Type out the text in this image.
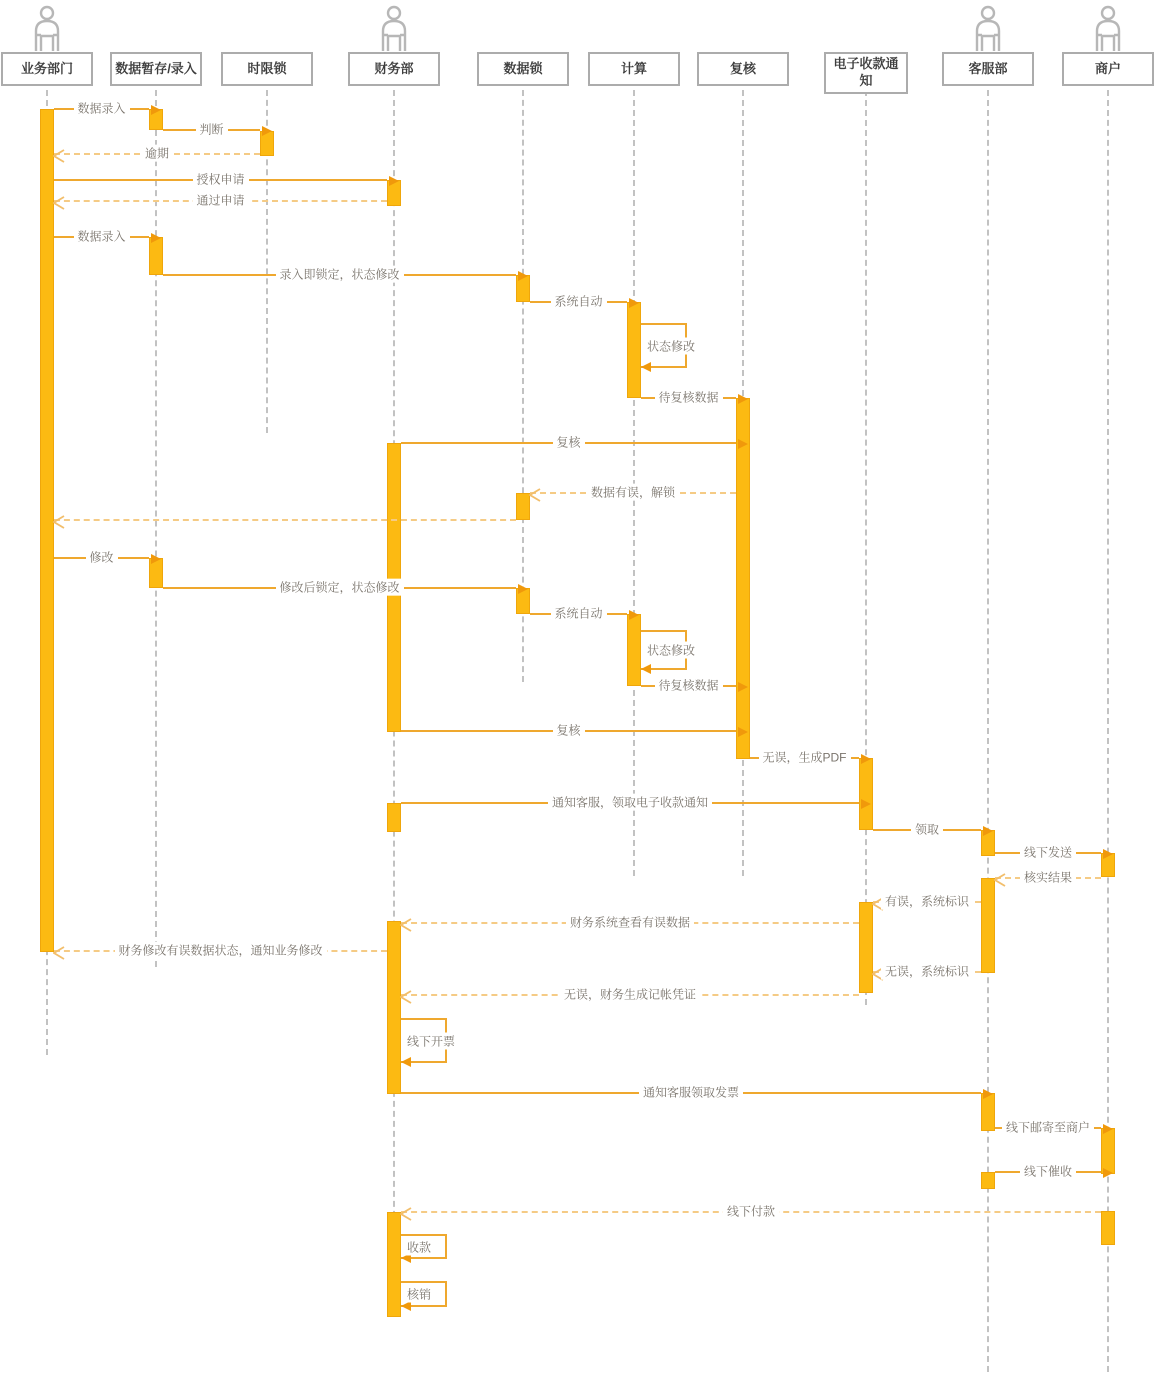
业务部门	数据暂存/录入	时限锁	财务部	数据锁	计算	复核	电子收款通知
客服部	商户
数据录入
判断
逾期
授权申请
通过申请
数据录入
录入即锁定，状态修改
系统自动
待复核数据
复核
数据有误，解锁
修改
修改后锁定，状态修改
系统自动
待复核数据
复核
无误，生成PDF
通知客服，领取电子收款通知
领取
线下发送
核实结果
有误，系统标识
财务系统查看有误数据
财务修改有误数据状态，通知业务修改
无误，系统标识
无误，财务生成记帐凭证
通知客服领取发票
线下邮寄至商户
线下催收
线下付款
状态修改
状态修改
线下开票
收款
核销
